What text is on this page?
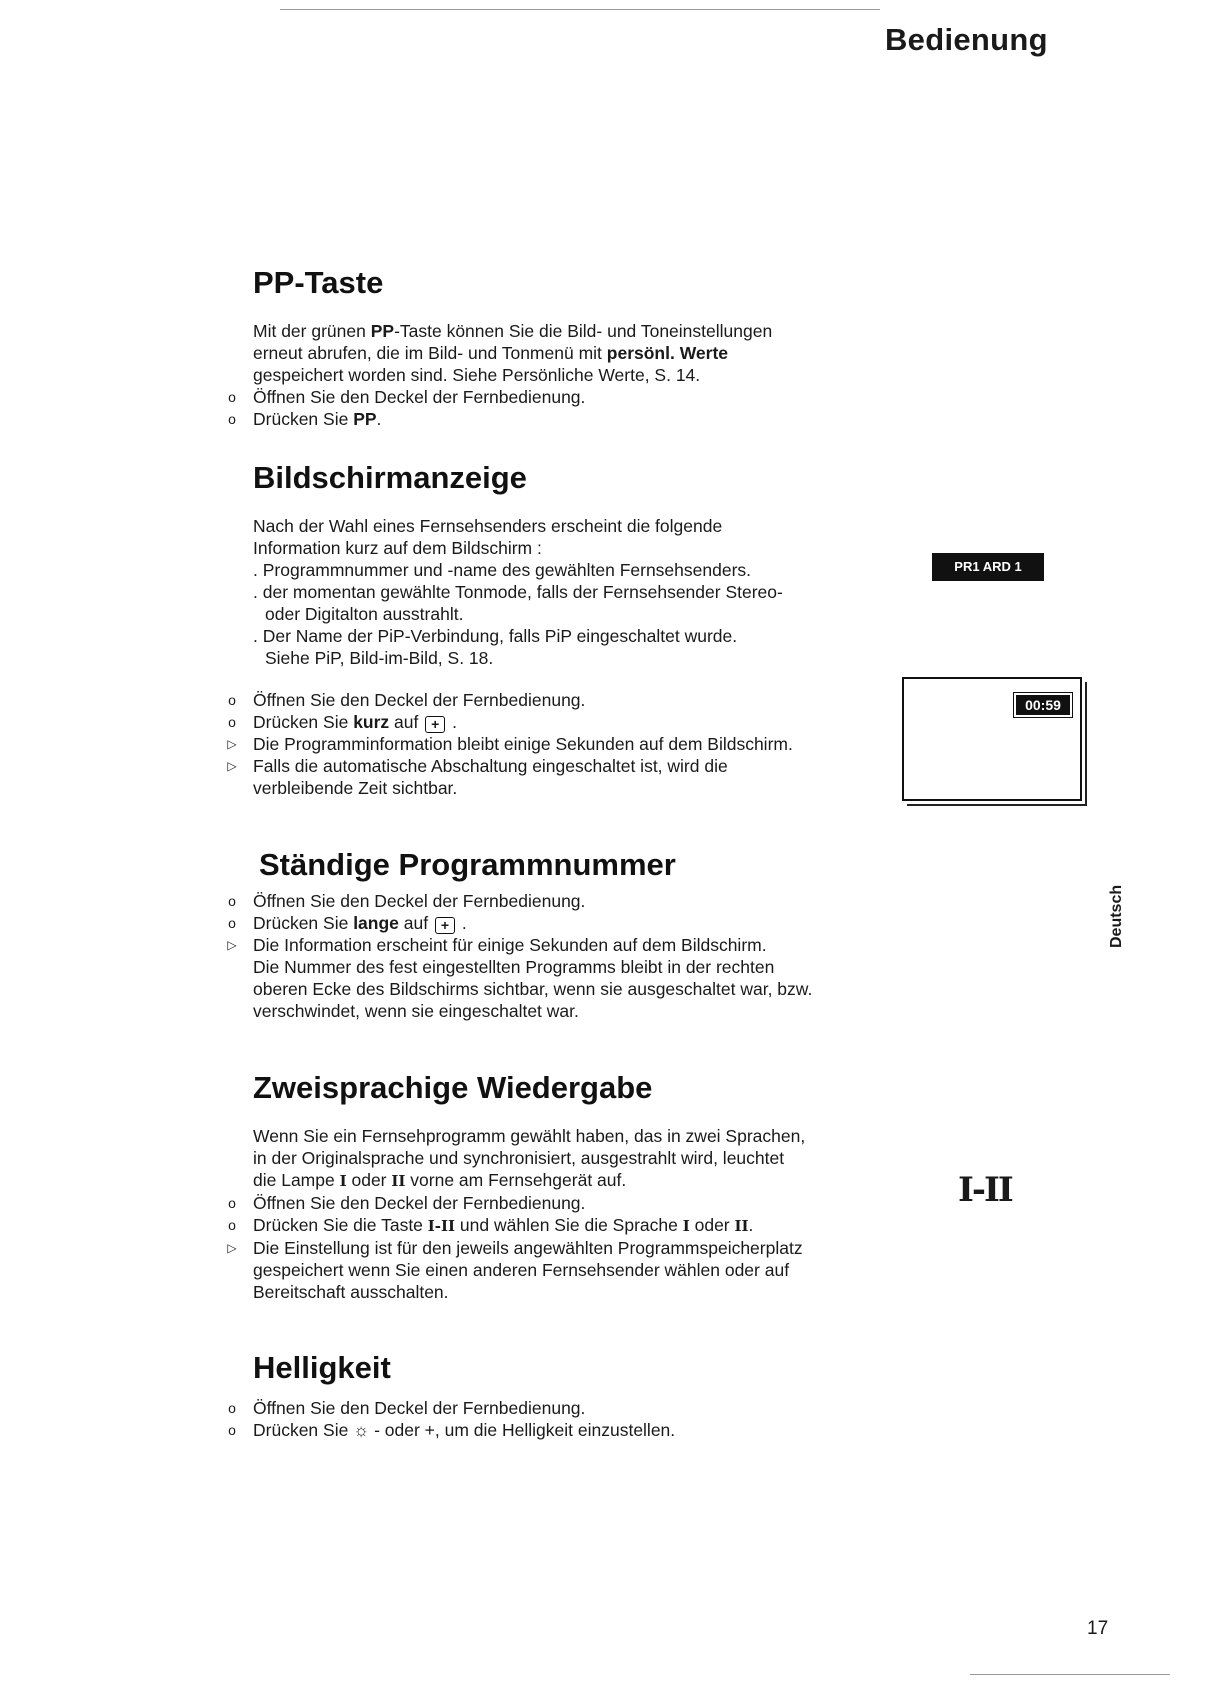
Bedienung
PP-Taste
Mit der grünen PP-Taste können Sie die Bild- und Toneinstellungen
erneut abrufen, die im Bild- und Tonmenü mit persönl. Werte
gespeichert worden sind. Siehe Persönliche Werte, S. 14.
o
Öffnen Sie den Deckel der Fernbedienung.
o
Drücken Sie PP.
Bildschirmanzeige
Nach der Wahl eines Fernsehsenders erscheint die folgende
Information kurz auf dem Bildschirm :
. Programmnummer und -name des gewählten Fernsehsenders.
. der momentan gewählte Tonmode, falls der Fernsehsender Stereo-
oder Digitalton ausstrahlt.
. Der Name der PiP-Verbindung, falls PiP eingeschaltet wurde.
Siehe PiP, Bild-im-Bild, S. 18.
o
Öffnen Sie den Deckel der Fernbedienung.
o
Drücken Sie kurz auf + .
▷ Die Programminformation bleibt einige Sekunden auf dem Bildschirm.
▷ Falls die automatische Abschaltung eingeschaltet ist, wird die
verbleibende Zeit sichtbar.
PR1 ARD 1
00:59
Ständige Programmnummer
o
Öffnen Sie den Deckel der Fernbedienung.
o
Drücken Sie lange auf + .
▷ Die Information erscheint für einige Sekunden auf dem Bildschirm.
Die Nummer des fest eingestellten Programms bleibt in der rechten
oberen Ecke des Bildschirms sichtbar, wenn sie ausgeschaltet war, bzw.
verschwindet, wenn sie eingeschaltet war.
Zweisprachige Wiedergabe
Wenn Sie ein Fernsehprogramm gewählt haben, das in zwei Sprachen,
in der Originalsprache und synchronisiert, ausgestrahlt wird, leuchtet
die Lampe I oder II vorne am Fernsehgerät auf.
o
Öffnen Sie den Deckel der Fernbedienung.
o
Drücken Sie die Taste I-II und wählen Sie die Sprache I oder II.
▷ Die Einstellung ist für den jeweils angewählten Programmspeicherplatz
gespeichert wenn Sie einen anderen Fernsehsender wählen oder auf
Bereitschaft ausschalten.
I-II
Helligkeit
o
Öffnen Sie den Deckel der Fernbedienung.
o
Drücken Sie ☼ - oder +, um die Helligkeit einzustellen.
Deutsch
17
